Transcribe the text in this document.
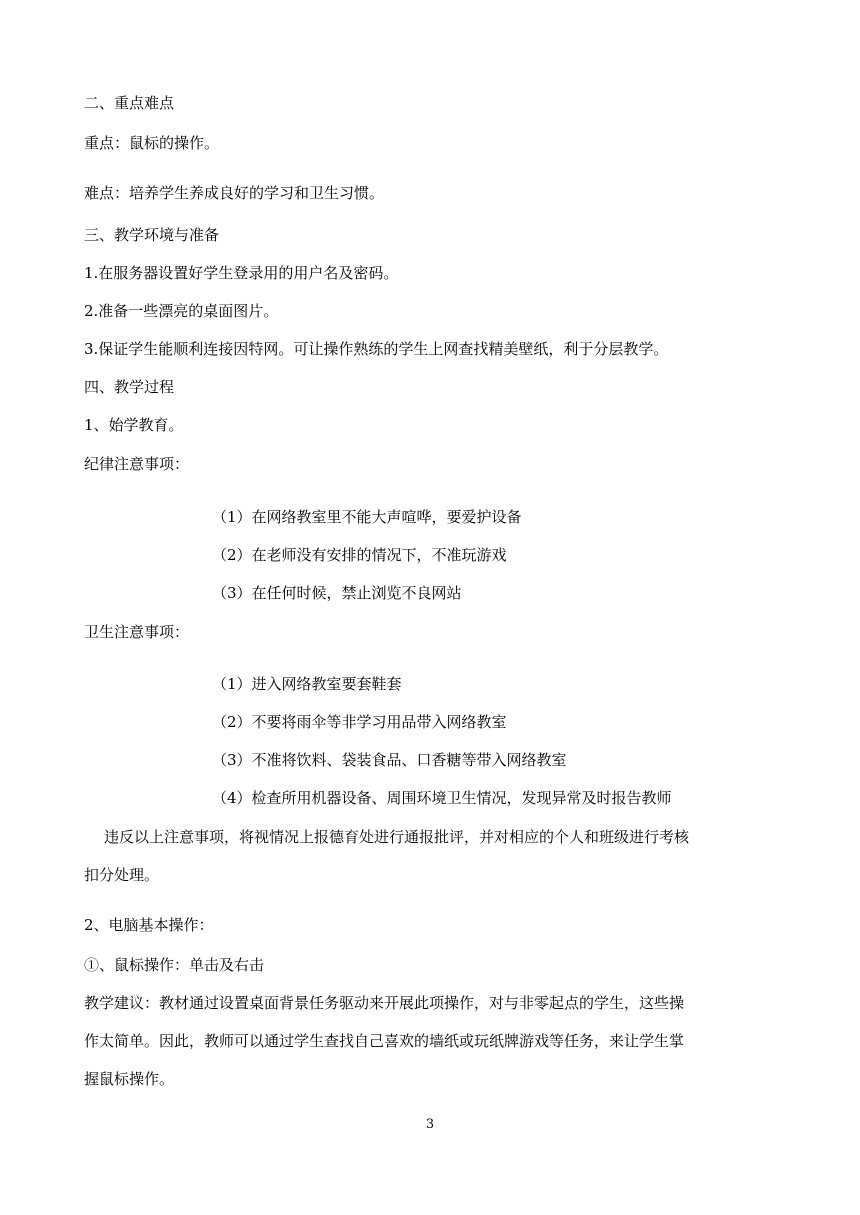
二、重点难点
重点：鼠标的操作。
难点：培养学生养成良好的学习和卫生习惯。
三、教学环境与准备
1.在服务器设置好学生登录用的用户名及密码。
2.准备一些漂亮的桌面图片。
3.保证学生能顺利连接因特网。可让操作熟练的学生上网查找精美壁纸，利于分层教学。
四、教学过程
1、始学教育。
纪律注意事项：
（1）在网络教室里不能大声喧哗，要爱护设备
（2）在老师没有安排的情况下，不准玩游戏
（3）在任何时候，禁止浏览不良网站
卫生注意事项：
（1）进入网络教室要套鞋套
（2）不要将雨伞等非学习用品带入网络教室
（3）不准将饮料、袋装食品、口香糖等带入网络教室
（4）检查所用机器设备、周围环境卫生情况，发现异常及时报告教师
违反以上注意事项，将视情况上报德育处进行通报批评，并对相应的个人和班级进行考核
扣分处理。
2、电脑基本操作：
①、鼠标操作：单击及右击
教学建议：教材通过设置桌面背景任务驱动来开展此项操作，对与非零起点的学生，这些操
作太简单。因此，教师可以通过学生查找自己喜欢的墙纸或玩纸牌游戏等任务，来让学生掌
握鼠标操作。
3
